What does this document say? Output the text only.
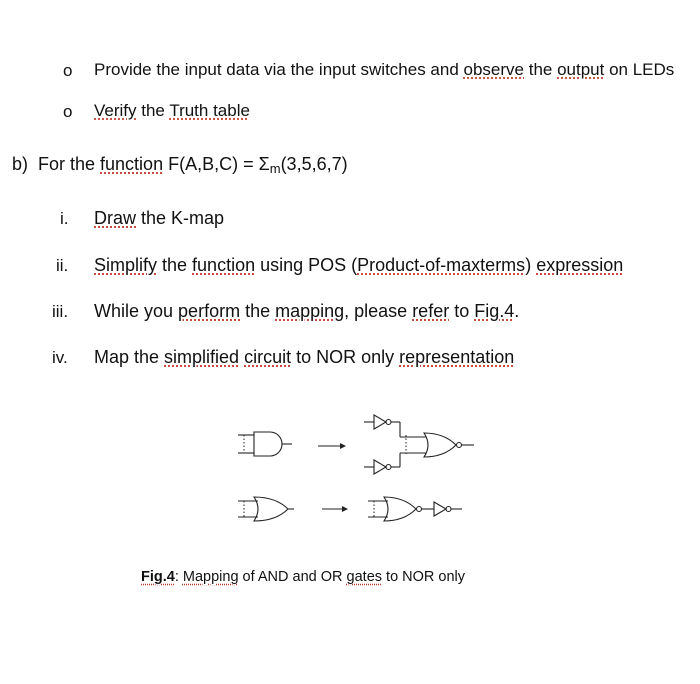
o Provide the input data via the input switches and observe the output on LEDs
o Verify the Truth table
b) For the function F(A,B,C) = Σm(3,5,6,7)
i. Draw the K-map
ii. Simplify the function using POS (Product-of-maxterms) expression
iii. While you perform the mapping, please refer to Fig.4.
iv. Map the simplified circuit to NOR only representation
Fig.4: Mapping of AND and OR gates to NOR only
